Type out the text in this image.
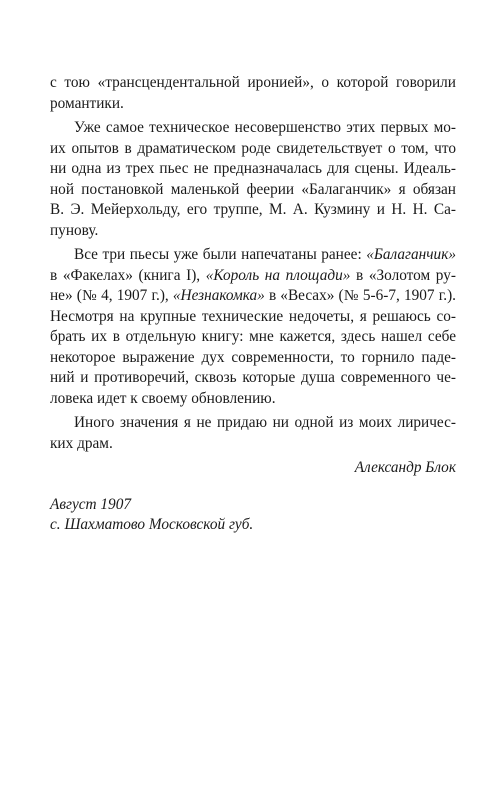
с тою «трансцендентальной иронией», о которой говорили
романтики.
Уже самое техническое несовершенство этих первых мо-
их опытов в драматическом роде свидетельствует о том, что
ни одна из трех пьес не предназначалась для сцены. Идеаль-
ной постановкой маленькой феерии «Балаганчик» я обязан
В. Э. Мейерхольду, его труппе, М. А. Кузмину и Н. Н. Са-
пунову.
Все три пьесы уже были напечатаны ранее: «Балаганчик»
в «Факелах» (книга I), «Король на площади» в «Золотом ру-
не» (№ 4, 1907 г.), «Незнакомка» в «Весах» (№ 5-6-7, 1907 г.).
Несмотря на крупные технические недочеты, я решаюсь со-
брать их в отдельную книгу: мне кажется, здесь нашел себе
некоторое выражение дух современности, то горнило паде-
ний и противоречий, сквозь которые душа современного че-
ловека идет к своему обновлению.
Иного значения я не придаю ни одной из моих лиричес-
ких драм.
Александр Блок
Август 1907
с. Шахматово Московской губ.
